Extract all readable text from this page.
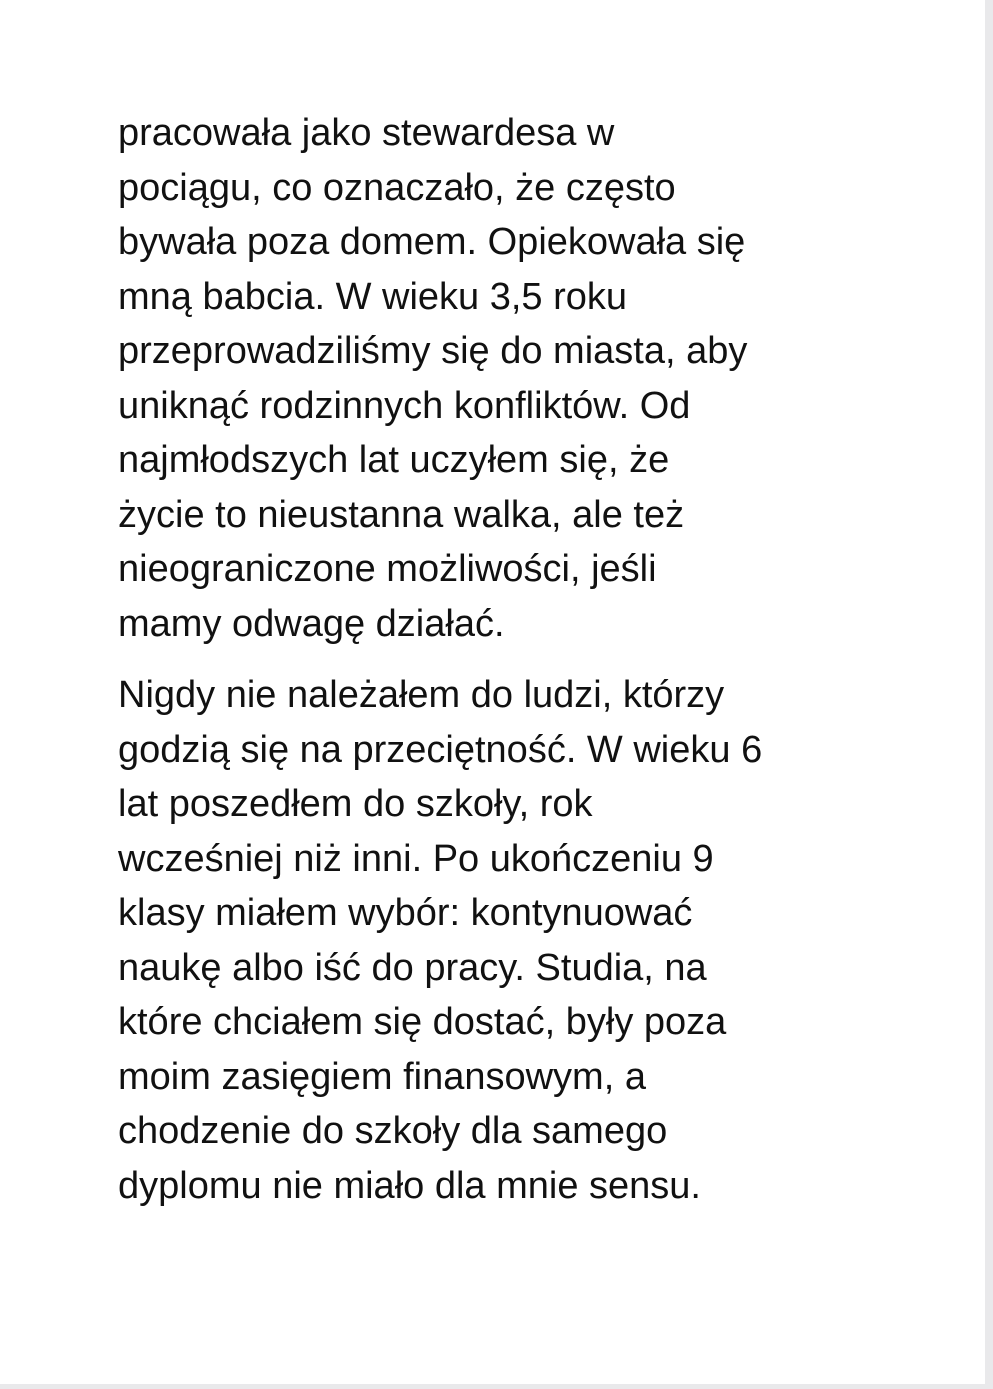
pracowała jako stewardesa w
pociągu, co oznaczało, że często
bywała poza domem. Opiekowała się
mną babcia. W wieku 3,5 roku
przeprowadziliśmy się do miasta, aby
uniknąć rodzinnych konfliktów. Od
najmłodszych lat uczyłem się, że
życie to nieustanna walka, ale też
nieograniczone możliwości, jeśli
mamy odwagę działać.

Nigdy nie należałem do ludzi, którzy
godzią się na przeciętność. W wieku 6
lat poszedłem do szkoły, rok
wcześniej niż inni. Po ukończeniu 9
klasy miałem wybór: kontynuować
naukę albo iść do pracy. Studia, na
które chciałem się dostać, były poza
moim zasięgiem finansowym, a
chodzenie do szkoły dla samego
dyplomu nie miało dla mnie sensu.
